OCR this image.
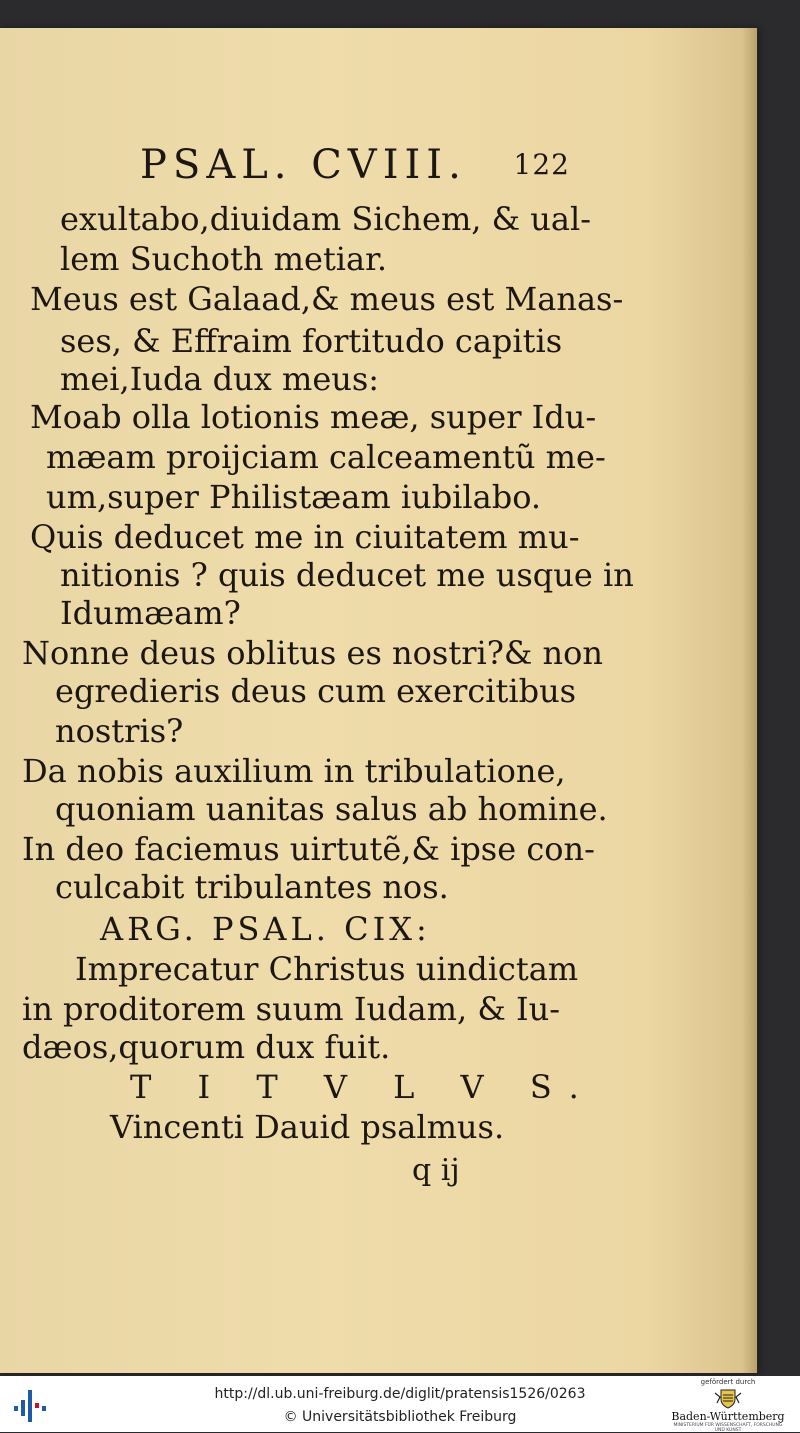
PSAL. CVIII. 122
exultabo,diuidam Sichem, & ual-
lem Suchoth metiar.
Meus est Galaad,& meus est Manas-
ses, & Effraim fortitudo capitis
mei,Iuda dux meus:
Moab olla lotionis meæ, super Idu-
mæam proijciam calceamentũ me-
um,super Philistæam iubilabo.
Quis deducet me in ciuitatem mu-
nitionis ? quis deducet me usque in
Idumæam?
Nonne deus oblitus es nostri?& non
egredieris deus cum exercitibus
nostris?
Da nobis auxilium in tribulatione,
quoniam uanitas salus ab homine.
In deo faciemus uirtutẽ,& ipse con-
culcabit tribulantes nos.
ARG. PSAL. CIX:
Imprecatur Christus uindictam
in proditorem suum Iudam, & Iu-
dæos,quorum dux fuit.
T I T V L V S.
Vincenti Dauid psalmus.
q ij
http://dl.ub.uni-freiburg.de/diglit/pratensis1526/0263
© Universitätsbibliothek Freiburg
gefördert durch
Baden-Württemberg
MINISTERIUM FÜR WISSENSCHAFT, FORSCHUNG UND KUNST
